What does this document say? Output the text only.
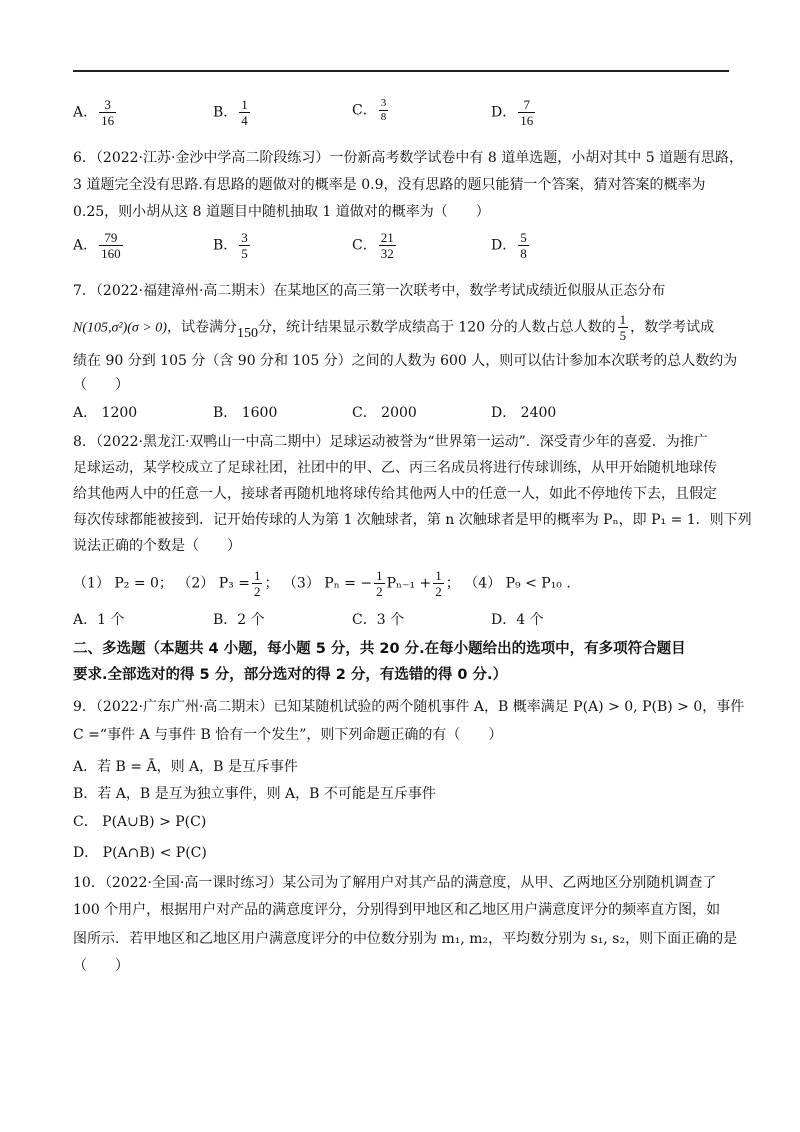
A． $\frac{3}{16}$	B． $\frac{1}{4}$	C． $\frac{3}{8}$	D． $\frac{7}{16}$
6．（2022·江苏·金沙中学高二阶段练习）一份新高考数学试卷中有 8 道单选题，小胡对其中 5 道题有思路，
3 道题完全没有思路.有思路的题做对的概率是 0.9，没有思路的题只能猜一个答案，猜对答案的概率为
0.25，则小胡从这 8 道题目中随机抽取 1 道做对的概率为（　　）
A． $\frac{79}{160}$	B． $\frac{3}{5}$	C． $\frac{21}{32}$	D． $\frac{5}{8}$
7．（2022·福建漳州·高二期末）在某地区的高三第一次联考中，数学考试成绩近似服从正态分布
N(105,σ²)(σ > 0)，试卷满分150分，统计结果显示数学成绩高于 120 分的人数占总人数的 $\frac{1}{5}$ ，数学考试成
绩在 90 分到 105 分（含 90 分和 105 分）之间的人数为 600 人，则可以估计参加本次联考的总人数约为
（　　）
A． 1200	B． 1600	C． 2000	D． 2400
8．（2022·黑龙江·双鸭山一中高二期中）足球运动被誉为“世界第一运动”．深受青少年的喜爱．为推广
足球运动，某学校成立了足球社团，社团中的甲、乙、丙三名成员将进行传球训练，从甲开始随机地球传
给其他两人中的任意一人，接球者再随机地将球传给其他两人中的任意一人，如此不停地传下去，且假定
每次传球都能被接到．记开始传球的人为第 1 次触球者，第 n 次触球者是甲的概率为 Pₙ，即 P₁ = 1．则下列
说法正确的个数是（　　）
（1） P₂ = 0； （2） $P_3 = \frac{1}{2}$ ； （3） Pₙ = − $\frac{1}{2} P_{n-1} + \frac{1}{2}$ ； （4） P₉ < P₁₀ .
A．1 个	B．2 个	C．3 个	D．4 个
二、多选题（本题共 4 小题，每小题 5 分，共 20 分.在每小题给出的选项中，有多项符合题目
要求.全部选对的得 5 分，部分选对的得 2 分，有选错的得 0 分.）
9．（2022·广东广州·高二期末）已知某随机试验的两个随机事件 A，B 概率满足 P(A) > 0, P(B) > 0，事件
C =“事件 A 与事件 B 恰有一个发生”，则下列命题正确的有（　　）
A．若 B = Ā，则 A，B 是互斥事件
B．若 A，B 是互为独立事件，则 A，B 不可能是互斥事件
C． P(A∪B) > P(C)
D． P(A∩B) < P(C)
10．（2022·全国·高一课时练习）某公司为了解用户对其产品的满意度，从甲、乙两地区分别随机调查了
100 个用户，根据用户对产品的满意度评分，分别得到甲地区和乙地区用户满意度评分的频率直方图，如
图所示．若甲地区和乙地区用户满意度评分的中位数分别为 m₁, m₂，平均数分别为 s₁, s₂，则下面正确的是
（　　）
